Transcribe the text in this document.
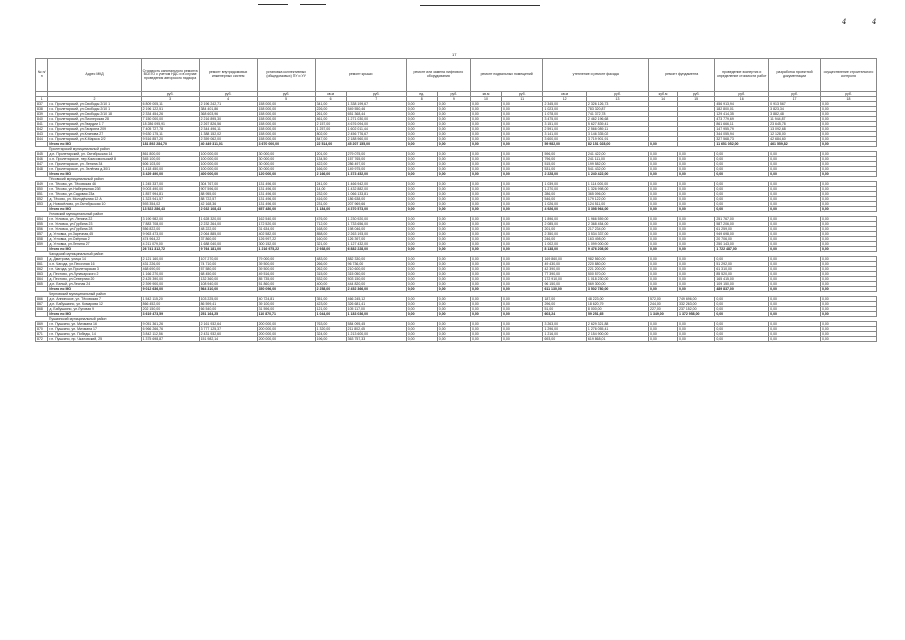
4	4
17
№ п/п	Адрес МКД	Стоимость капитального ремонта ВСЕГО с учетом НДС и в случае проведения авторского надзора	ремонт внутридомовых инженерных систем	установка коллективных (общедомовых) ПУ и УУ	ремонт крыши		ремонт или замена лифтового оборудования		ремонт подвальных помещений		утепление и ремонт фасада		ремонт фундамента		проведение экспертиз и определение стоимости работ	разработка проектной документации	осуществление строительного контроля
		руб.	руб.	руб.	кв.м	руб.	ед.	руб.	кв.м	руб.	кв.м	руб.	куб.м	руб.	руб.	руб.	руб.
1	2	3	4	5	6	7	8	9	10	11	12	13	14	15	16	17	18
837	г.о. Пролетарский, ул.Свободы 2/10 1	6 809 005,11	2 196 242,71	158 000,00	341,00	1 338 199,67	0,00	0,00	0,00	0,00	2 345,00	2 326 126,73			456 913,94	0 913 567	0,00
838	г.о. Пролетарский, ул.Свободы 2/10 1	2 196 122,51	384 401,86	158 000,00	226,00	549 550,46	0,00	0,00	0,00	0,00	1 023,00	783 320,87			182 800,01	3 823,34	0,00
839	г.о. Пролетарский, ул.Свободы 2/10 18	2 334 454,26	368 603,96	158 000,00	261,00	651 368,44	0,00	0,00	0,00	0,00	1 078,00	741 372,78			129 414,35	3 882,48	0,00
840	г.о. Пролетарский, ул.Пионерская 28	7 150 000,00	2 216 895,30	158 000,00	461,00	1 271 030,00	0,00	0,00	0,00	0,00	3 475,00	2 462 196,68			473 779,69	11 944,87	0,00
841	г.о. Пролетарский, ул.Гвардии 1 7	18 286 095,91	2 267 826,56	158 000,00	2 157,00	4 676 094,00	0,00	0,00	0,00	0,00	3 151,00	5 627 839,41			861 666,11	23 645,78	0,00
842	г.о. Пролетарский, ул.Гагарина 209	7 405 727,78	2 344 496,11	158 000,00	1 257,00	1 602 011,44	0,00	0,00	0,00	0,00	2 591,00	2 566 089,11			147 955,79	13 092,68	0,00
843	г.о. Пролетарский, ул.Клинова 27	9 630 175,11	1 388 152,02	158 000,00	802,00	2 456 776,67	0,00	0,00	0,00	0,00	3 141,00	3 146 335,02			344 055,94	12 128,00	0,00
844	г.о. Пролетарский, ул.К.Маркса 2/2	9 516 857,20	2 359 062,00	158 000,00	847,00	2 188 960,00	0,00	0,00	0,00	0,00	3 600,00	3 719 901,91			327 568,73	42 684,60	0,00
	Итого по МО	181 892 284,70	40 449 311,01	3 670 000,00	22 514,00	45 207 155,00	0,00	0,00	0,00	0,00	59 982,00	82 151 028,00	0,00		11 651 052,00	461 559,82	0,00
	Пролетарский муниципальный район																
845	д.п. Пролетарский, ул. Октябрьская 14	861 800,00	100 000,00	30 000,00	201,00	279 075,00	0,00	0,00	0,00	0,00	596,00	241 422,00	0,00	0,00	0,00	0,00	0,00
846	с.п. Пролетарское, пер.Комсомольский 8	545 100,00	100 000,00	30 000,00	134,50	157 765,00	0,00	0,00	0,00	0,00	796,00	241 111,00	0,00	0,00	0,00	0,00	0,00
847	г.п. Пролетарское, ул. Ленина 34	606 103,00	100 000,00	30 000,00	422,00	286 497,00	0,00	0,00	0,00	0,00	515,00	199 582,00	0,00	0,00	0,00	0,00	0,00
848	г.п. Пролетарское, ул. Зелёная д.30/1	1 418 450,00	100 000,00	30 000,00	166,00	149 975,00	0,00	0,00	0,00	0,00	531,00	541 432,00	0,00	0,00	0,00	0,00	0,00
	Итого по МО	3 429 490,00	400 000,00	120 000,00	2 166,00	1 373 452,00	0,00	0,00	0,00	0,00	2 228,00	1 240 422,00	0,00	0,00	0,00	0,00	0,00
	Тёсовский муниципальный район																
849	г.п. Тёсово, ул. Тёсовская 46	1 245 337,00	304 767,00	131 496,00	241,00	1 466 942,00	0,00	0,00	0,00	0,00	1 039,00	1 114 000,00	0,00	0,00	0,00	0,00	0,00
850	г.п. Тёсово, ул.Набережная 23б	9 003 490,00	907 596,00	131 496,00	14,00	1 432 882,00	0,00	0,00	0,00	0,00	1 270,00	1 326 998,00	0,00	0,00	0,00	0,00	0,00
851	г.п. Тёсово, ул.Садовая 23а	1 857 994,81	88 955,00	131 496,00	232,00	1 066 133,81	0,00	0,00	0,00	0,00	286,00	365 096,00	0,00	0,00	0,00	0,00	0,00
852	д. Тёсово, ул. Молодёжная 12 А	1 323 941,57	88 722,57	131 496,00	416,00	186 638,00	0,00	0,00	0,00	0,00	546,00	179 122,00	0,00	0,00	0,00	0,00	0,00
853	д. Новосёлово, ул.Октябрьская 10	593 354,02	42 168,36	131 496,00	231,00	207 969,66	0,00	0,00	0,00	0,00	1 026,00	124 511,00	0,00	0,00	0,00	0,00	0,00
	Итого по МО	13 522 286,43	2 032 108,43	657 480,00	1 184,00	4 370 573,00	0,00	0,00	0,00	0,00	4 926,00	3 398 964,00	0,00	0,00	0,00	0,00	0,00
	Угловский муниципальный район																
854	г.п. Угловка, ул. Ленина 22	3 190 982,00	1 628 320,00	162 540,00	476,00	1 230 920,00	0,00	0,00	0,00	0,00	1 896,00	1 966 559,00	0,00	0,00	251 767,00	0,00	0,00
855	г.п. Угловка, ул.Гурбина 23	7 883 708,00	2 232 264,00	172 520,00	712,00	1 733 656,00	0,00	0,00	0,00	0,00	2 085,00	2 368 454,00	0,00	0,00	587 206,00	0,00	0,00
856	г.п. Угловка, ул.Гурбина 28	556 822,00	48 222,00	31 634,00	168,00	198 046,00	0,00	0,00	0,00	0,00	201,00	217 234,00	0,00	0,00	61 259,00	0,00	0,00
857	д. Угловка, ул.Заречная,45	9 963 473,00	2 064 885,00	402 582,00	858,00	2 263 193,00	0,00	0,00	0,00	0,00	2 350,00	3 534 337,00	0,00	0,00	949 698,00	0,00	0,00
858	д. Угловка, ул.Озёрная 2	474 964,22	37 860,00	126 997,22	160,00	126 397,00	0,00	0,00	0,00	0,00	246,00	163 498,00	0,00	0,00	20 706,00	0,00	0,00
859	д. Угловка, ул.Ленина 27	4 211 079,00	1 688 040,00	300 152,00	321,00	1 127 432,00	0,00	0,00	0,00	0,00	1 002,00	1 099 000,00	0,00	0,00	250 143,00	0,00	0,00
	Итого по МО	26 741 312,72	9 764 181,00	1 216 975,22	2 938,00	6 882 228,00	0,00	0,00	0,00	0,00	8 138,00	9 476 208,00	0,00	0,00	1 722 487,00	0,00	0,00
	Чагодский муниципальный район																
860	д. Дмитрова, улица 14	2 121 160,00	107 270,00	79 000,00	483,00	882 330,00	0,00	0,00	0,00	0,00	169 860,00	982 560,00	0,00	0,00	0,00	0,00	0,00
861	с.п. Чагода, ул.Песочная 16	431 226,00	74 710,00	39 500,00	266,00	96 736,00	0,00	0,00	0,00	0,00	49 430,00	220 880,00	0,00	0,00	51 292,00	0,00	0,00
862	г.п. Чагода, ул.Пролетарская 3	468 690,00	57 580,00	39 500,00	262,00	210 600,00	0,00	0,00	0,00	0,00	42 390,00	221 200,00	0,00	0,00	61 310,00	0,00	0,00
863	д. Пестово, ул.Луначарского 2	1 166 270,00	68 450,00	49 516,00	315,00	315 050,00	0,00	0,00	0,00	0,00	77 390,00	500 570,00	0,00	0,00	85 520,00	0,00	0,00
864	д. Пестово, ул.Северная 20	2 425 390,00	132 360,00	85 735,00	532,00	503 150,00	0,00	0,00	0,00	0,00	172 910,00	1 018 230,00	0,00	0,00	165 415,00	0,00	0,00
865	д.п. Белый, ул.Лесная 24	2 399 900,00	108 940,00	51 860,00	400,00	444 820,00	0,00	0,00	0,00	0,00	96 150,00	569 300,00	0,00	0,00	109 150,00	0,00	0,00
	Итого по МО	9 012 636,00	564 310,00	350 096,00	2 258,00	2 452 366,00	0,00	0,00	0,00	0,00	611 130,00	3 502 780,00	0,00	0,00	489 837,00	0,00	0,00
	Черновский муниципальный район																
866	д.п. Аннинское, ул. Тёсовская 7	1 542 115,20	103 225,00	40 724,81	351,00	466 245,12	0,00	0,00	0,00	0,00	187,00	48 223,00	572,00	749 696,00	0,00	0,00	0,00
867	д.п. Бабушкино, ул. Комарова 12	866 452,00	86 599,41	39 100,00	423,00	326 681,41	0,00	0,00	0,00	0,00	296,00	18 620,79	244,00	332 263,00	0,00	0,00	0,00
868	д. Бабушкино, ул.Луговая 9	202 150,00	66 540,00	31 596,00	121,00	105 117,00	0,00	0,00	0,00	0,00	51,00	8 000,00	227,00	237 152,00	0,00	0,00	0,00
	Итого по МО	3 619 473,59	251 164,25	110 870,71	1 044,00	1 183 036,00	0,00	0,00	0,00	0,00	603,24	59 251,65	1 349,00	1 372 958,00	0,00	0,00	0,00
	Пушкинский муниципальный район																
869	г.п. Пушкино, ул. Мичмана 16	9 051 361,26	2 161 932,64	200 000,00	763,00	584 095,45	0,00	0,00	0,00	0,00	3 263,00	2 629 321,88	0,00	0,00	0,00	0,00	0,00
870	г.п. Пушкино, ул. Мичмана 17	6 966 266,76	3 777 125,37	200 000,00	1 320,00	211 802,45	0,00	0,00	0,00	0,00	1 296,00	1 276 055,41	0,00	0,00	0,00	0,00	0,00
871	г.п. Пушкино, ул. Победы, 14	3 842 112,56	2 431 932,60	200 000,00	324,00	1 213 600,00	0,00	0,00	0,00	0,00	1 216,00	2 154 900,00	0,00	0,00	0,00	0,00	0,00
872	г.п. Пушкино, пр. Чкаловский, 25	1 375 698,87	151 982,14	200 000,00	196,00	363 757,33	0,00	0,00	0,00	0,00	693,00	619 868,01	0,00	0,00	0,00	0,00	0,00
